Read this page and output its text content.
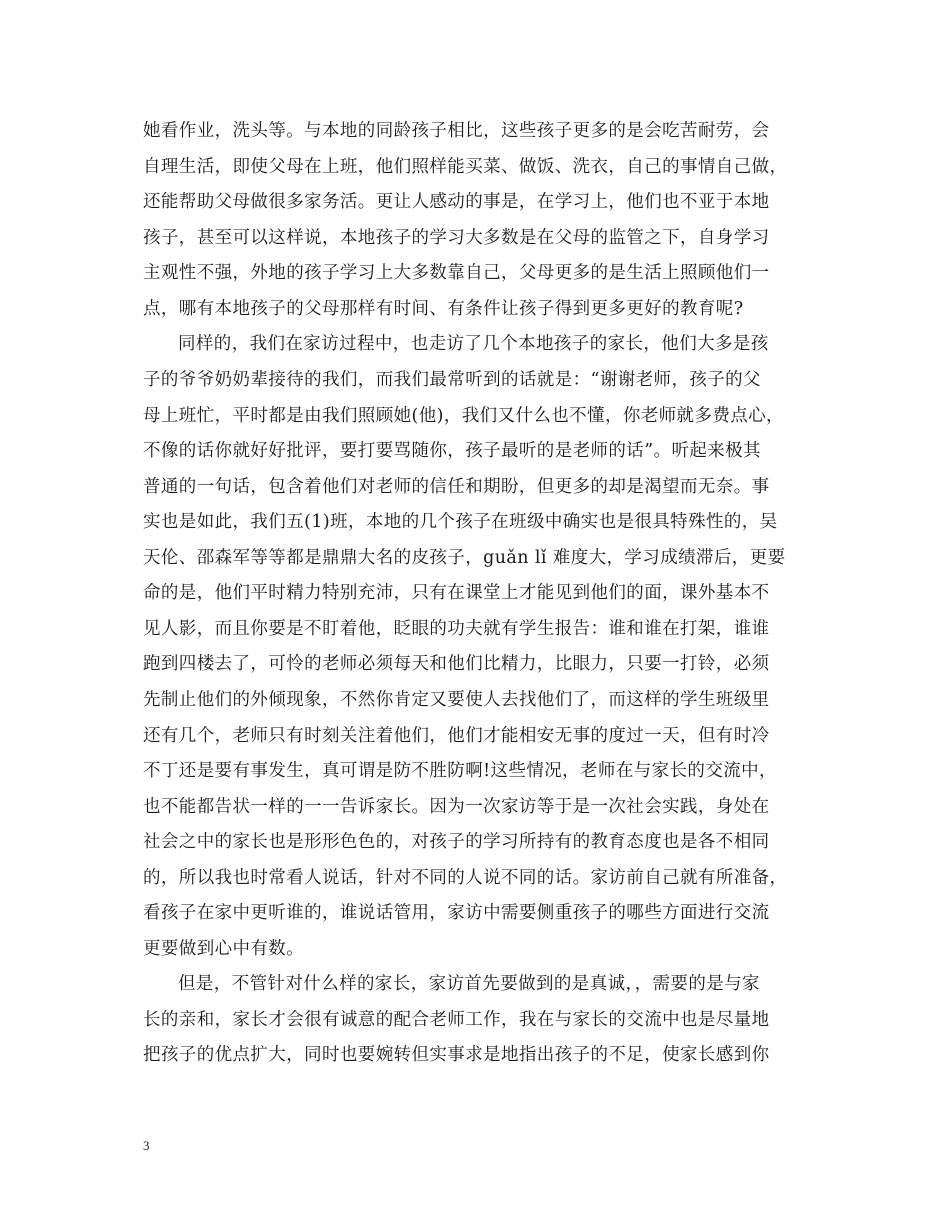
她看作业，洗头等。与本地的同龄孩子相比，这些孩子更多的是会吃苦耐劳，会
自理生活，即使父母在上班，他们照样能买菜、做饭、洗衣，自己的事情自己做，
还能帮助父母做很多家务活。更让人感动的事是，在学习上，他们也不亚于本地
孩子，甚至可以这样说，本地孩子的学习大多数是在父母的监管之下，自身学习
主观性不强，外地的孩子学习上大多数靠自己，父母更多的是生活上照顾他们一
点，哪有本地孩子的父母那样有时间、有条件让孩子得到更多更好的教育呢?
同样的，我们在家访过程中，也走访了几个本地孩子的家长，他们大多是孩
子的爷爷奶奶辈接待的我们，而我们最常听到的话就是：“谢谢老师，孩子的父
母上班忙，平时都是由我们照顾她(他)，我们又什么也不懂，你老师就多费点心，
不像的话你就好好批评，要打要骂随你，孩子最听的是老师的话”。听起来极其
普通的一句话，包含着他们对老师的信任和期盼，但更多的却是渴望而无奈。事
实也是如此，我们五(1)班，本地的几个孩子在班级中确实也是很具特殊性的，吴
天伦、邵森军等等都是鼎鼎大名的皮孩子，guǎn lǐ 难度大，学习成绩滞后，更要
命的是，他们平时精力特别充沛，只有在课堂上才能见到他们的面，课外基本不
见人影，而且你要是不盯着他，眨眼的功夫就有学生报告：谁和谁在打架，谁谁
跑到四楼去了，可怜的老师必须每天和他们比精力，比眼力，只要一打铃，必须
先制止他们的外倾现象，不然你肯定又要使人去找他们了，而这样的学生班级里
还有几个，老师只有时刻关注着他们，他们才能相安无事的度过一天，但有时冷
不丁还是要有事发生，真可谓是防不胜防啊!这些情况，老师在与家长的交流中，
也不能都告状一样的一一告诉家长。因为一次家访等于是一次社会实践，身处在
社会之中的家长也是形形色色的，对孩子的学习所持有的教育态度也是各不相同
的，所以我也时常看人说话，针对不同的人说不同的话。家访前自己就有所准备，
看孩子在家中更听谁的，谁说话管用，家访中需要侧重孩子的哪些方面进行交流
更要做到心中有数。
但是，不管针对什么样的家长，家访首先要做到的是真诚，，需要的是与家
长的亲和，家长才会很有诚意的配合老师工作，我在与家长的交流中也是尽量地
把孩子的优点扩大，同时也要婉转但实事求是地指出孩子的不足，使家长感到你
3
